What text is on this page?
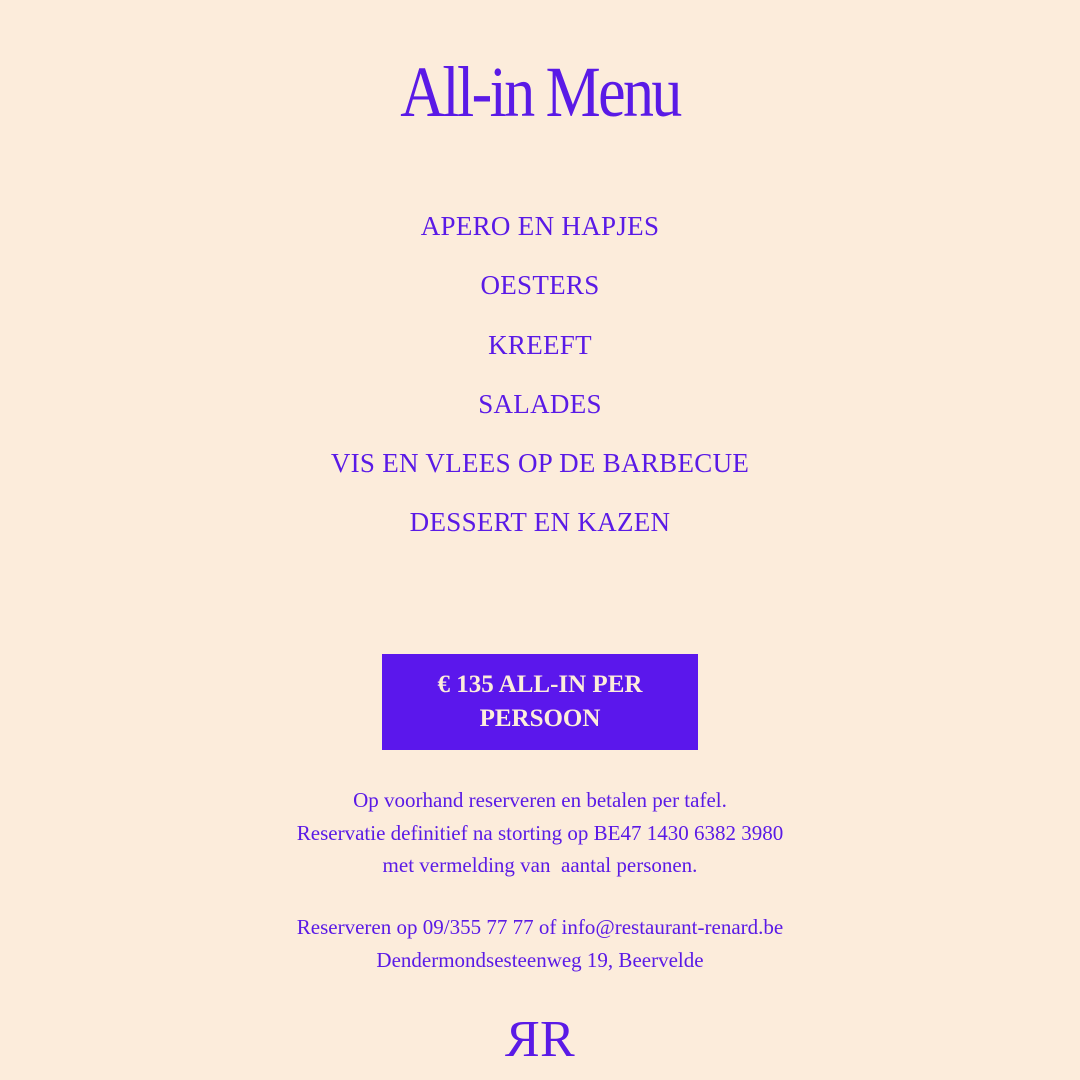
All-in Menu
APERO EN HAPJES
OESTERS
KREEFT
SALADES
VIS EN VLEES OP DE BARBECUE
DESSERT EN KAZEN
€ 135 ALL-IN PER
PERSOON

Op voorhand reserveren en betalen per tafel.

Reservatie definitief na storting op BE47 1430 6382 3980

met vermelding van  aantal personen.

Reserveren op 09/355 77 77 of info@restaurant-renard.be

Dendermondsesteenweg 19, Beervelde

RR
